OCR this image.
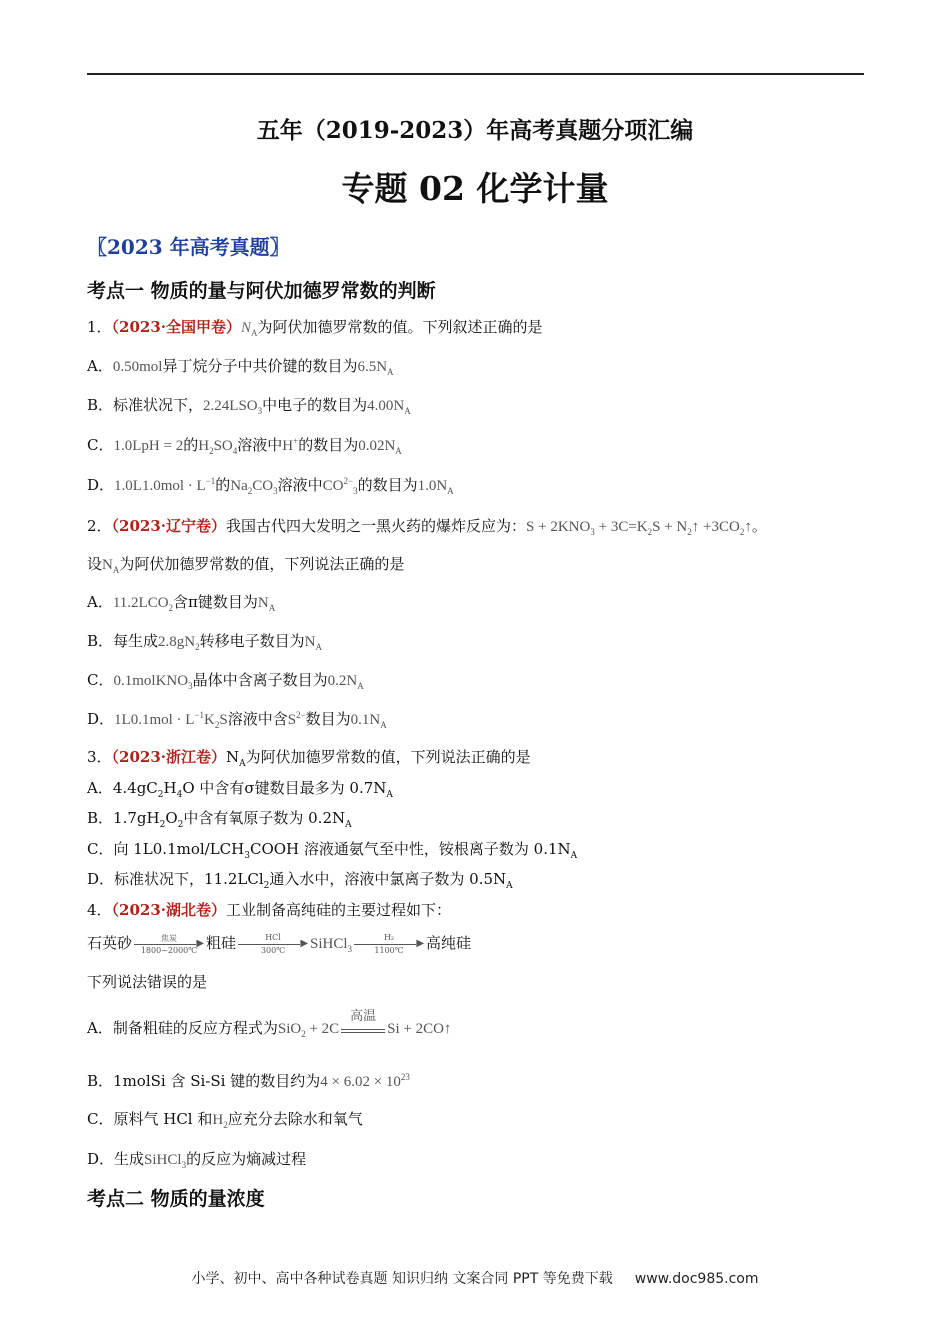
五年（2019-2023）年高考真题分项汇编
专题 02 化学计量
〖2023 年高考真题〗
考点一 物质的量与阿伏加德罗常数的判断
1．（2023·全国甲卷）$N_A$为阿伏加德罗常数的值。下列叙述正确的是
A．0.50mol异丁烷分子中共价键的数目为$6.5N_A$
B．标准状况下，$2.24LSO_3$中电子的数目为$4.00N_A$
C．1.0LpH = 2的$H_2SO_4$溶液中H+的数目为$0.02N_A$
D．$1.0L1.0mol \cdot L^{-1}$的$Na_2CO_3$溶液中$CO^{2-}_3$的数目为$1.0N_A$
2．（2023·辽宁卷）我国古代四大发明之一黑火药的爆炸反应为：$S + 2KNO_3 + 3C=K_2S$ + $N_2↑$ $+3CO_2↑$。
设$N_A$为阿伏加德罗常数的值，下列说法正确的是
A．$11.2LCO_2$含π键数目为$N_A$
B．每生成$2.8gN_2$转移电子数目为$N_A$
C．0.1molKNO$_3$晶体中含离子数目为$0.2N_A$
D．$1L0.1mol \cdot L^{-1}K_2S$溶液中含$S^{2-}$数目为$0.1N_A$
3．（2023·浙江卷）$N_A$为阿伏加德罗常数的值，下列说法正确的是
A．$4.4gC_2H_4O$ 中含有σ键数目最多为 $0.7N_A$
B．$1.7gH_2O_2$中含有氧原子数为 $0.2N_A$
C．向 $1L0.1mol/LCH_3COOH$ 溶液通氨气至中性，铵根离子数为 $0.1N_A$
D．标准状况下，11.2LCl$_2$通入水中，溶液中氯离子数为 $0.5N_A$
4．（2023·湖北卷）工业制备高纯硅的主要过程如下：
石英砂	焦炭	▶
1800~2000℃ 粗硅	HCl
▶
300℃	SiHCl$_3$
H₂
▶
1100℃	高纯硅
下列说法错误的是
A．制备粗硅的反应方程式为SiO$_2$ + 2C
高温
Si + 2CO↑
B．1molSi 含 Si-Si 键的数目约为$4 \times 6.02 \times 10^{23}$
C．原料气 HCl 和$H_2$应充分去除水和氧气
D．生成SiHCl$_3$的反应为熵减过程
考点二 物质的量浓度
小学、初中、高中各种试卷真题 知识归纳 文案合同 PPT 等免费下载 www.doc985.com
